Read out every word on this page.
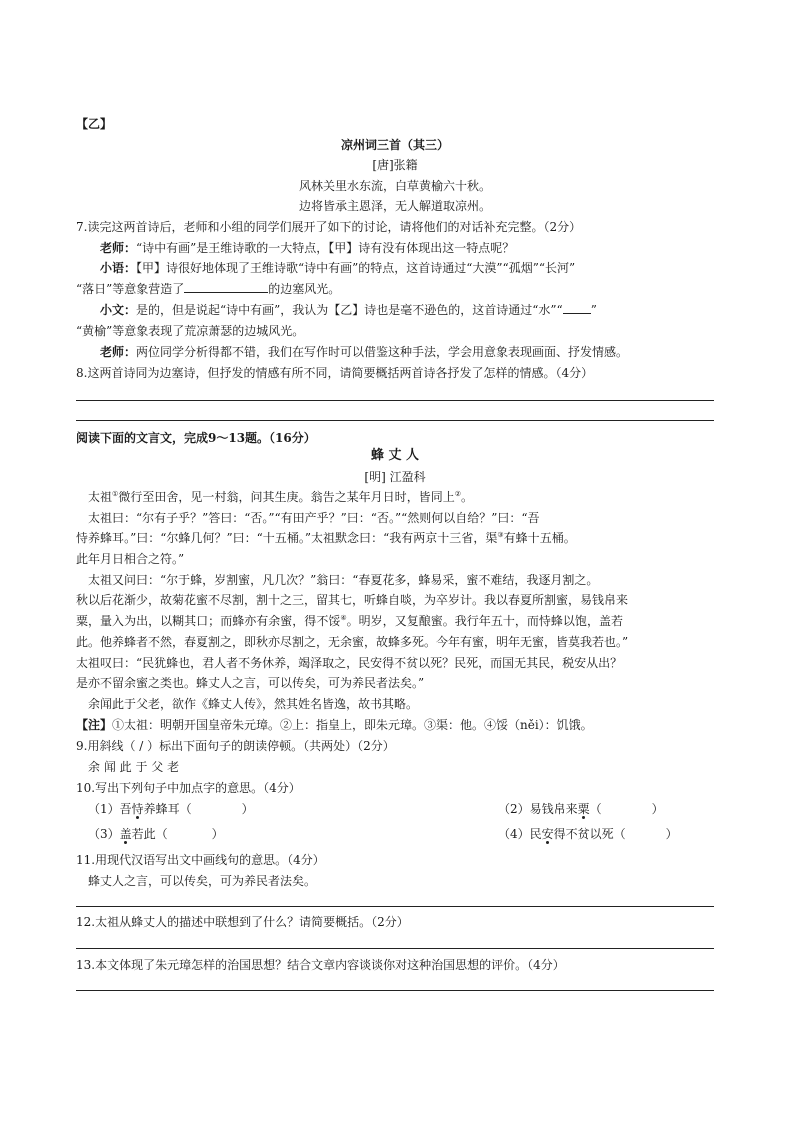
【乙】
凉州词三首（其三）
[唐]张籍
风林关里水东流，白草黄榆六十秋。
边将皆承主恩泽，无人解道取凉州。
7.读完这两首诗后，老师和小组的同学们展开了如下的讨论，请将他们的对话补充完整。（2分）
老师：“诗中有画”是王维诗歌的一大特点，【甲】诗有没有体现出这一特点呢？
小语：【甲】诗很好地体现了王维诗歌“诗中有画”的特点，这首诗通过“大漠”“孤烟”“长河”
“落日”等意象营造了	的边塞风光。
小文：是的，但是说起“诗中有画”，我认为【乙】诗也是毫不逊色的，这首诗通过“水”“ ”
“黄榆”等意象表现了荒凉萧瑟的边城风光。
老师：两位同学分析得都不错，我们在写作时可以借鉴这种手法，学会用意象表现画面、抒发情感。
8.这两首诗同为边塞诗，但抒发的情感有所不同，请简要概括两首诗各抒发了怎样的情感。（4分）
阅读下面的文言文，完成9～13题。（16分）
蜂 丈 人
[明] 江盈科
太祖①微行至田舍，见一村翁，问其生庚。翁告之某年月日时，皆同上②。
太祖曰：“尔有子乎？”答曰：“否。”“有田产乎？”曰：“否。”“然则何以自给？”曰：“吾
恃养蜂耳。”曰：“尔蜂几何？”曰：“十五桶。”太祖默念曰：“我有两京十三省，渠③有蜂十五桶。
此年月日相合之符。”
太祖又问曰：“尔于蜂，岁割蜜，凡几次？”翁曰：“春夏花多，蜂易采，蜜不难结，我逐月割之。
秋以后花渐少，故菊花蜜不尽割，割十之三，留其七，听蜂自啖，为卒岁计。我以春夏所割蜜，易钱帛来
粟，量入为出，以糊其口；而蜂亦有余蜜，得不馁④。明岁，又复酿蜜。我行年五十，而恃蜂以饱，盖若
此。他养蜂者不然，春夏割之，即秋亦尽割之，无余蜜，故蜂多死。今年有蜜，明年无蜜，皆莫我若也。”
太祖叹曰：“民犹蜂也，君人者不务休养，竭泽取之，民安得不贫以死？民死，而国无其民，税安从出？
是亦不留余蜜之类也。蜂丈人之言，可以传矣，可为养民者法矣。”
余闻此于父老，欲作《蜂丈人传》，然其姓名皆逸，故书其略。
【注】①太祖：明朝开国皇帝朱元璋。②上：指皇上，即朱元璋。③渠：他。④馁（něi）：饥饿。
9.用斜线（ / ）标出下面句子的朗读停顿。（共两处）（2分）
余 闻 此 于 父 老
10.写出下列句子中加点字的意思。（4分）
（1）吾恃养蜂耳（	）	（2）易钱帛来粟（	）
（3）盖若此（	）	（4）民安得不贫以死（	）
11.用现代汉语写出文中画线句的意思。（4分）
蜂丈人之言，可以传矣，可为养民者法矣。
12.太祖从蜂丈人的描述中联想到了什么？请简要概括。（2分）
13.本文体现了朱元璋怎样的治国思想？结合文章内容谈谈你对这种治国思想的评价。（4分）
